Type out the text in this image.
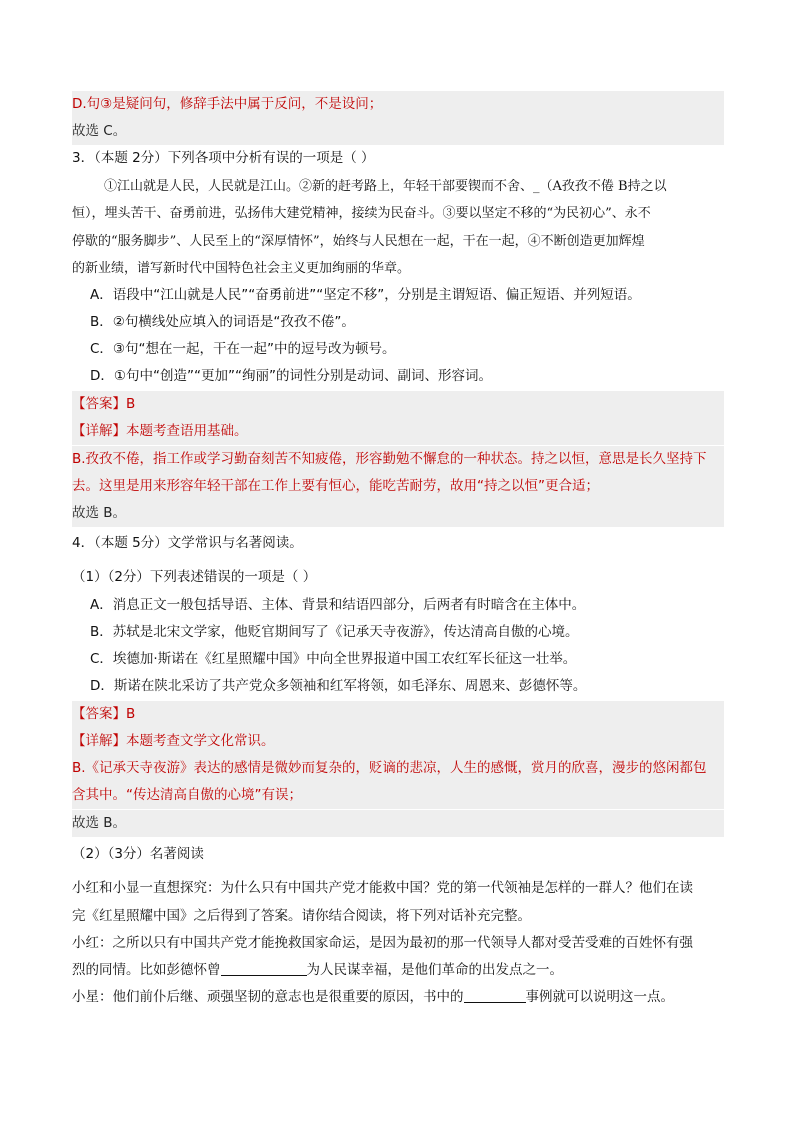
D.句③是疑问句，修辞手法中属于反问，不是设问；
故选 C。
3．（本题 2分）下列各项中分析有误的一项是（ ）
①江山就是人民，人民就是江山。②新的赶考路上，年轻干部要锲而不舍、_（A孜孜不倦 B持之以
恒），埋头苦干、奋勇前进，弘扬伟大建党精神，接续为民奋斗。③要以坚定不移的“为民初心”、永不
停歇的“服务脚步”、人民至上的“深厚情怀”，始终与人民想在一起，干在一起，④不断创造更加辉煌
的新业绩，谱写新时代中国特色社会主义更加绚丽的华章。
A．语段中“江山就是人民”“奋勇前进”“坚定不移”，分别是主谓短语、偏正短语、并列短语。
B．②句横线处应填入的词语是“孜孜不倦”。
C．③句“想在一起，干在一起”中的逗号改为顿号。
D．①句中“创造”“更加”“绚丽”的词性分别是动词、副词、形容词。
【答案】B
【详解】本题考查语用基础。
B.孜孜不倦，指工作或学习勤奋刻苦不知疲倦，形容勤勉不懈怠的一种状态。持之以恒，意思是长久坚持下
去。这里是用来形容年轻干部在工作上要有恒心，能吃苦耐劳，故用“持之以恒”更合适；
故选 B。
4．（本题 5分）文学常识与名著阅读。
（1）（2分）下列表述错误的一项是（ ）
A．消息正文一般包括导语、主体、背景和结语四部分，后两者有时暗含在主体中。
B．苏轼是北宋文学家，他贬官期间写了《记承天寺夜游》，传达清高自傲的心境。
C．埃德加·斯诺在《红星照耀中国》中向全世界报道中国工农红军长征这一壮举。
D．斯诺在陕北采访了共产党众多领袖和红军将领，如毛泽东、周恩来、彭德怀等。
【答案】B
【详解】本题考查文学文化常识。
B.《记承天寺夜游》表达的感情是微妙而复杂的，贬谪的悲凉，人生的感慨，赏月的欣喜，漫步的悠闲都包
含其中。“传达清高自傲的心境”有误；
故选 B。
（2）（3分）名著阅读
小红和小显一直想探究：为什么只有中国共产党才能救中国？党的第一代领袖是怎样的一群人？他们在读
完《红星照耀中国》之后得到了答案。请你结合阅读，将下列对话补充完整。
小红：之所以只有中国共产党才能挽救国家命运，是因为最初的那一代领导人都对受苦受难的百姓怀有强
烈的同情。比如彭德怀曾	为人民谋幸福，是他们革命的出发点之一。
小星：他们前仆后继、顽强坚韧的意志也是很重要的原因，书中的	事例就可以说明这一点。
